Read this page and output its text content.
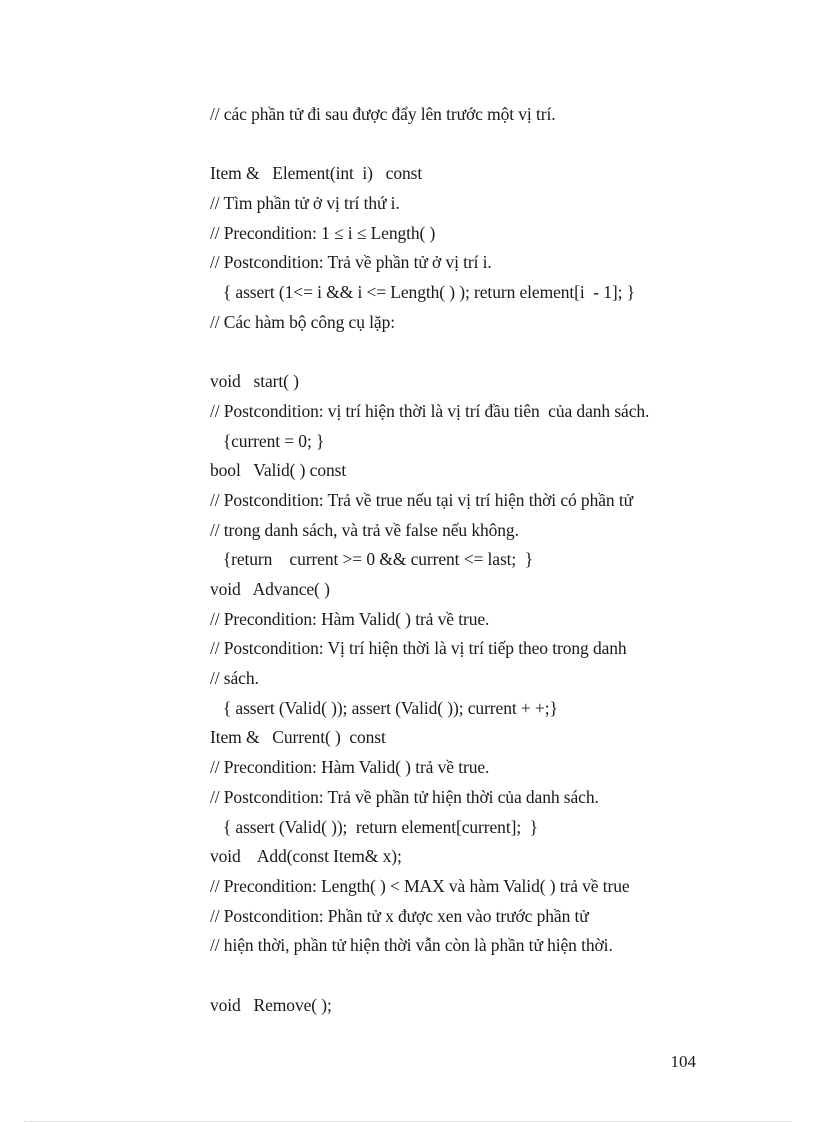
// các phần tử đi sau được đẩy lên trước một vị trí.
Item &   Element(int  i)   const
// Tìm phần tử ở vị trí thứ i.
// Precondition: 1 ≤ i ≤ Length( )
// Postcondition: Trả về phần tử ở vị trí i.
{ assert (1<= i && i <= Length( ) ); return element[i  - 1]; }
// Các hàm bộ công cụ lặp:
void   start( )
// Postcondition: vị trí hiện thời là vị trí đầu tiên  của danh sách.
{current = 0; }
bool   Valid( ) const
// Postcondition: Trả về true nếu tại vị trí hiện thời có phần tử
// trong danh sách, và trả về false nếu không.
{return    current >= 0 && current <= last;  }
void   Advance( )
// Precondition: Hàm Valid( ) trả về true.
// Postcondition: Vị trí hiện thời là vị trí tiếp theo trong danh
// sách.
{ assert (Valid( )); assert (Valid( )); current + +;}
Item &   Current( )  const
// Precondition: Hàm Valid( ) trả về true.
// Postcondition: Trả về phần tử hiện thời của danh sách.
{ assert (Valid( ));  return element[current];  }
void    Add(const Item& x);
// Precondition: Length( ) < MAX và hàm Valid( ) trả về true
// Postcondition: Phần tử x được xen vào trước phần tử
// hiện thời, phần tử hiện thời vẫn còn là phần tử hiện thời.
void   Remove( );
104
